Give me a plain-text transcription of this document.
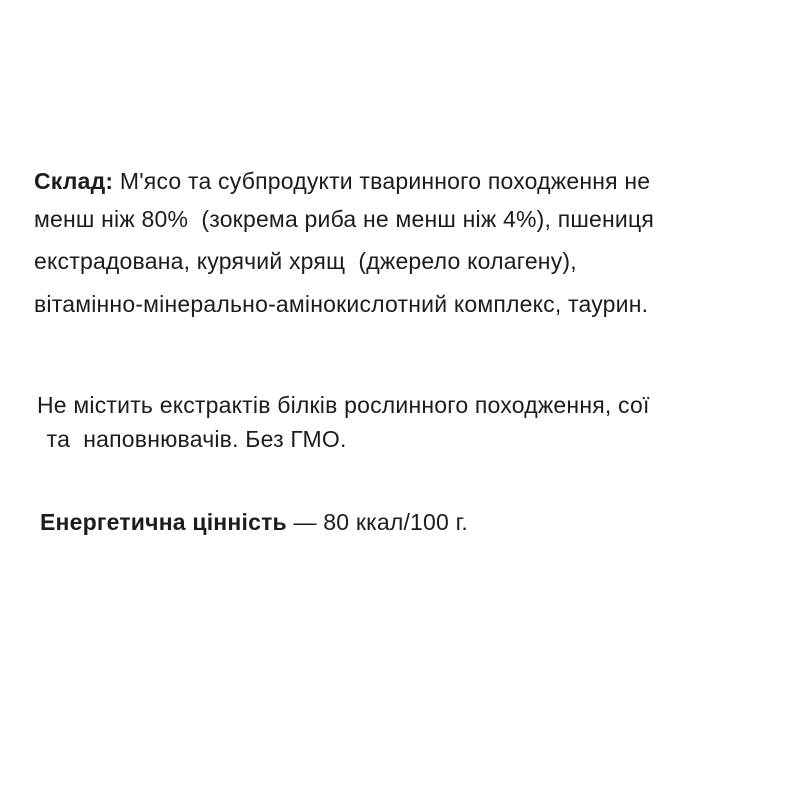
Склад: М'ясо та субпродукти тваринного походження не
менш ніж 80%  (зокрема риба не менш ніж 4%), пшениця
екстрадована, курячий хрящ  (джерело колагену),
вітамінно-мінерально-амінокислотний комплекс, таурин.
Не містить екстрактів білків рослинного походження, сої
та  наповнювачів. Без ГМО.
Енергетична цінність — 80 ккал/100 г.
